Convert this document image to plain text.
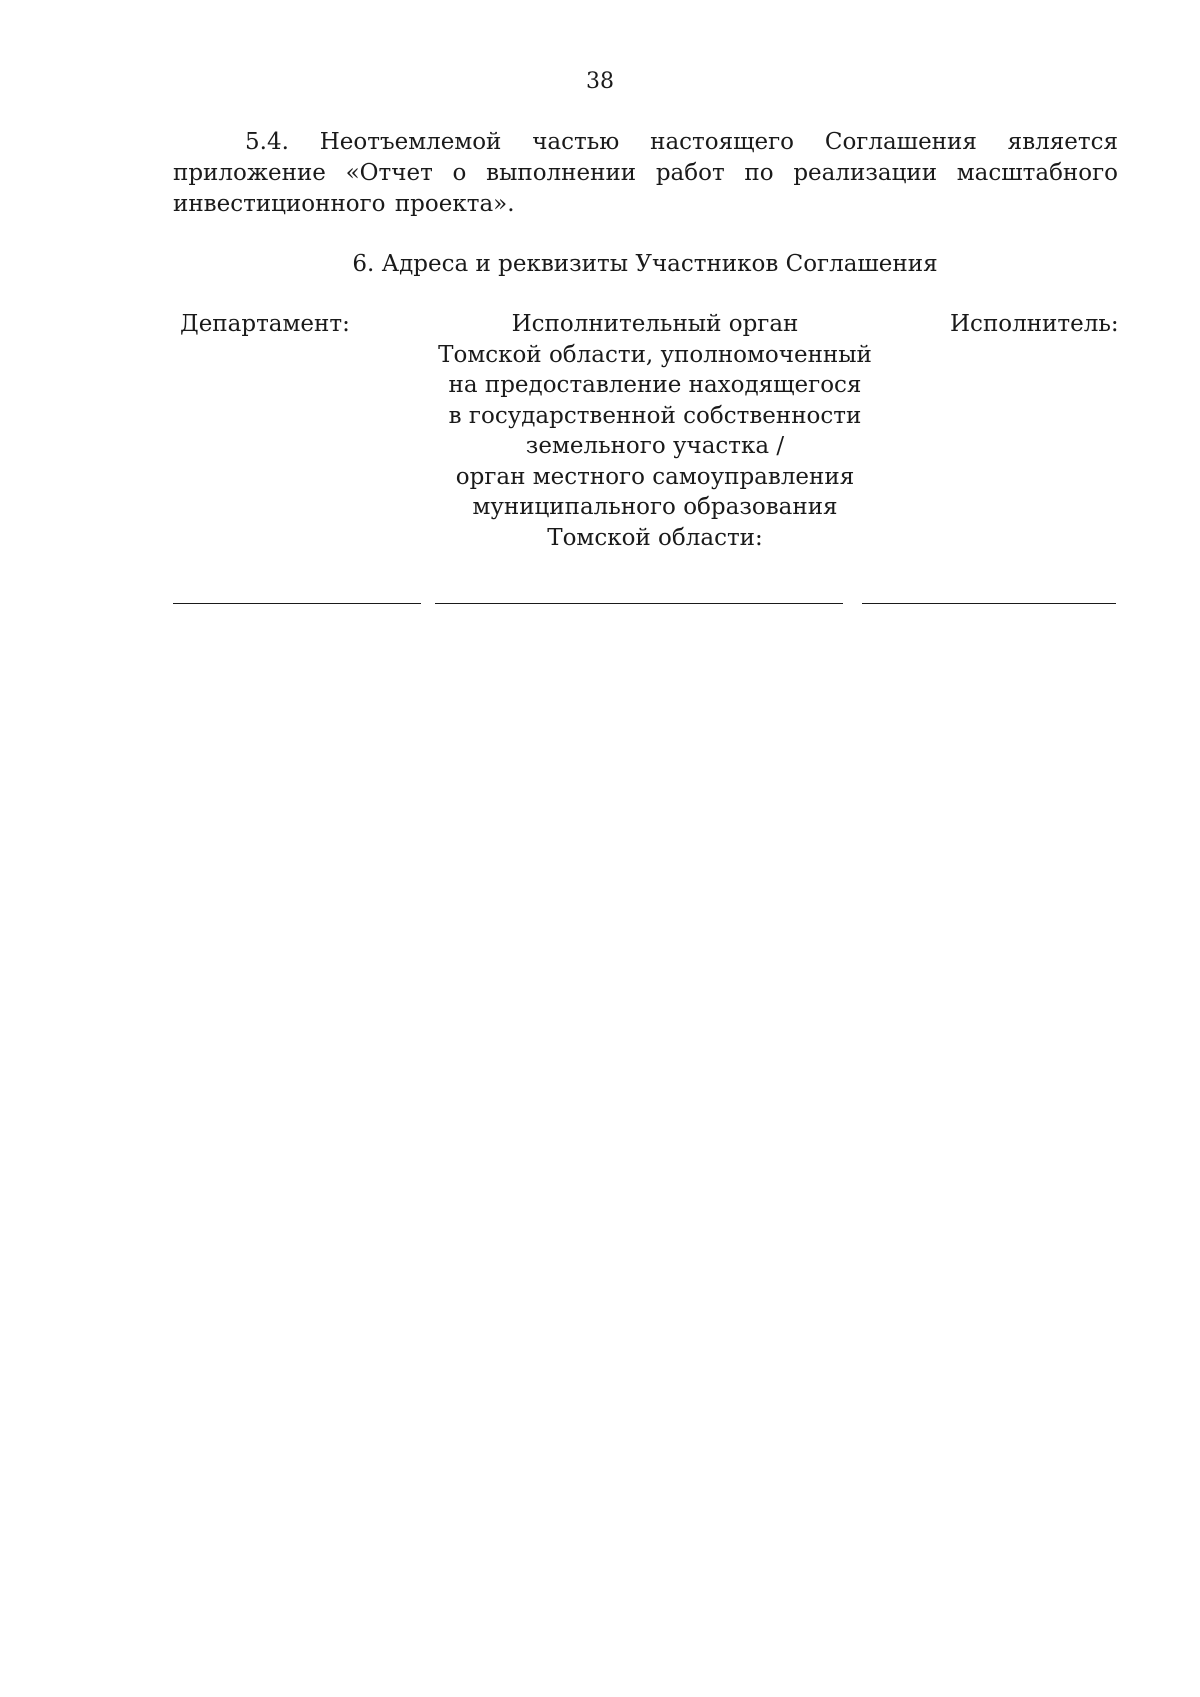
38
5.4. Неотъемлемой частью настоящего Соглашения является приложение «Отчет о выполнении работ по реализации масштабного инвестиционного проекта».
6. Адреса и реквизиты Участников Соглашения
Департамент:	Исполнительный орган
Томской области, уполномоченный
на предоставление находящегося
в государственной собственности
земельного участка /
орган местного самоуправления
муниципального образования
Томской области:
Исполнитель:
